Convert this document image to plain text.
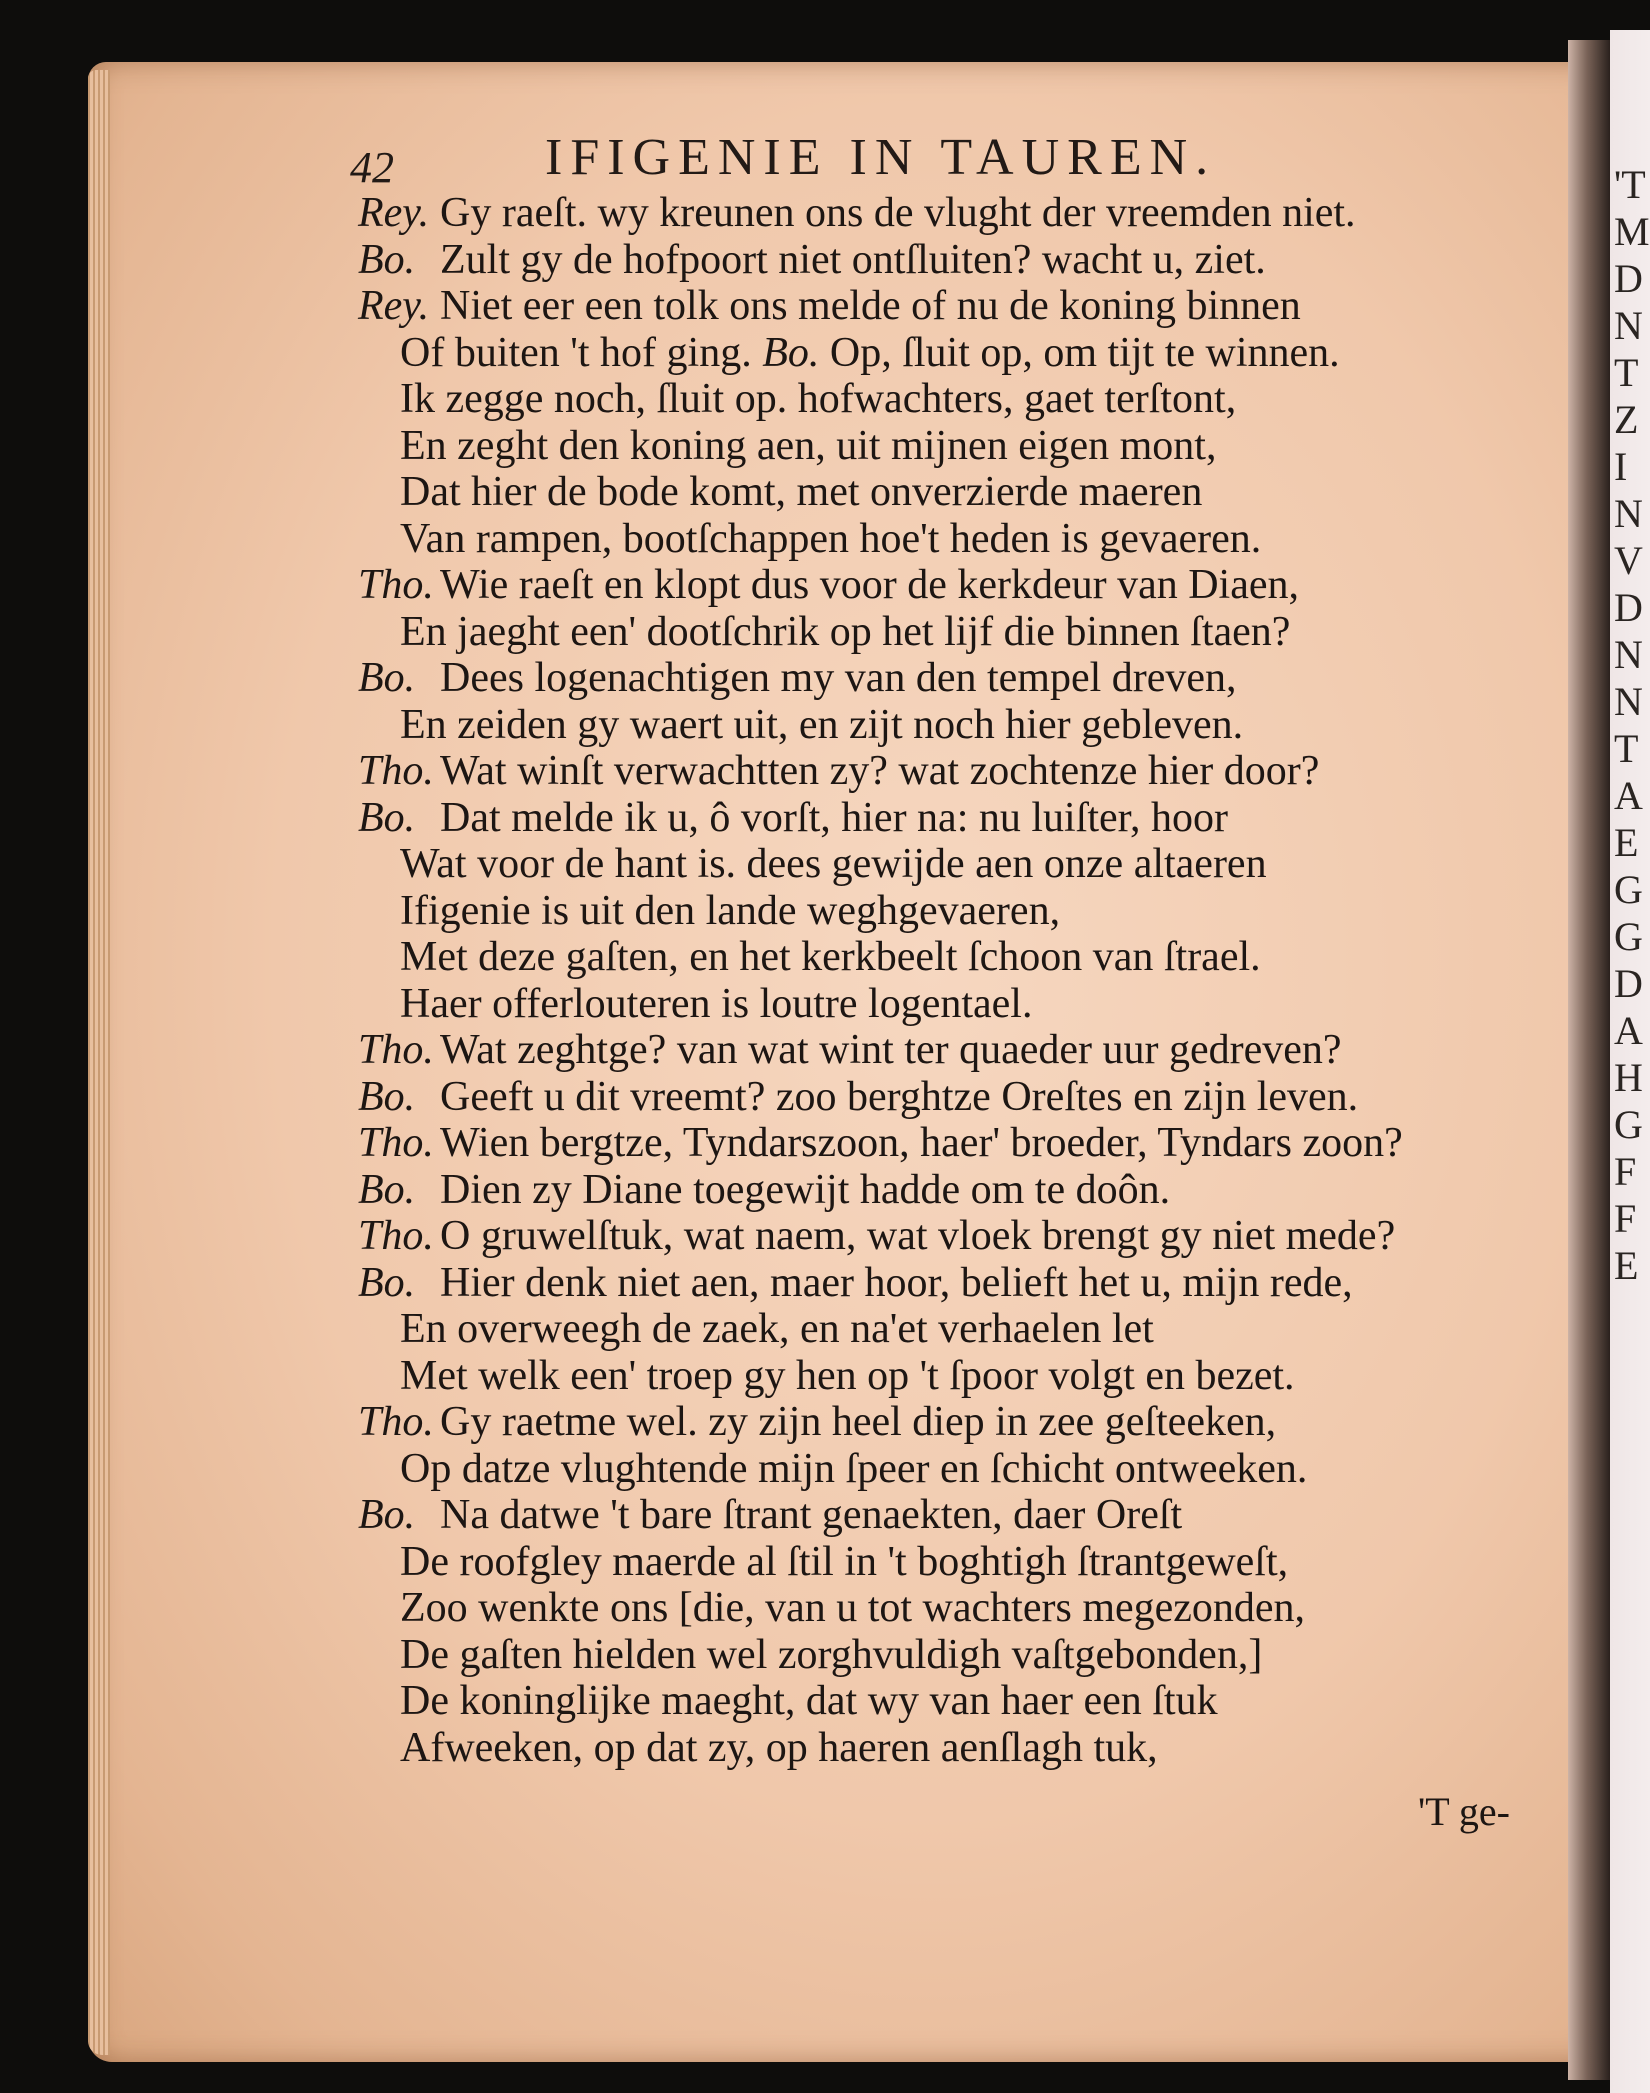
'T
M
D
N
T
Z
I
N
V
D
N
N
T
A
E
G
G
D
A
H
G
F
F
E
42	IFIGENIE IN TAUREN.
Rey. Gy raeſt. wy kreunen ons de vlught der vreemden niet.
Bo. Zult gy de hofpoort niet ontſluiten? wacht u, ziet.
Rey. Niet eer een tolk ons melde of nu de koning binnen
Of buiten 't hof ging. Bo. Op, ſluit op, om tijt te winnen.
Ik zegge noch, ſluit op. hofwachters, gaet terſtont,
En zeght den koning aen, uit mijnen eigen mont,
Dat hier de bode komt, met onverzierde maeren
Van rampen, bootſchappen hoe't heden is gevaeren.
Tho. Wie raeſt en klopt dus voor de kerkdeur van Diaen,
En jaeght een' dootſchrik op het lijf die binnen ſtaen?
Bo. Dees logenachtigen my van den tempel dreven,
En zeiden gy waert uit, en zijt noch hier gebleven.
Tho. Wat winſt verwachtten zy? wat zochtenze hier door?
Bo. Dat melde ik u, ô vorſt, hier na: nu luiſter, hoor
Wat voor de hant is. dees gewijde aen onze altaeren
Ifigenie is uit den lande weghgevaeren,
Met deze gaſten, en het kerkbeelt ſchoon van ſtrael.
Haer offerlouteren is loutre logentael.
Tho. Wat zeghtge? van wat wint ter quaeder uur gedreven?
Bo. Geeft u dit vreemt? zoo berghtze Oreſtes en zijn leven.
Tho. Wien bergtze, Tyndarszoon, haer' broeder, Tyndars zoon?
Bo. Dien zy Diane toegewijt hadde om te doôn.
Tho. O gruwelſtuk, wat naem, wat vloek brengt gy niet mede?
Bo. Hier denk niet aen, maer hoor, belieft het u, mijn rede,
En overweegh de zaek, en na'et verhaelen let
Met welk een' troep gy hen op 't ſpoor volgt en bezet.
Tho. Gy raetme wel. zy zijn heel diep in zee geſteeken,
Op datze vlughtende mijn ſpeer en ſchicht ontweeken.
Bo. Na datwe 't bare ſtrant genaekten, daer Oreſt
De roofgley maerde al ſtil in 't boghtigh ſtrantgeweſt,
Zoo wenkte ons [die, van u tot wachters megezonden,
De gaſten hielden wel zorghvuldigh vaſtgebonden,]
De koninglijke maeght, dat wy van haer een ſtuk
Afweeken, op dat zy, op haeren aenſlagh tuk,
'T ge-
